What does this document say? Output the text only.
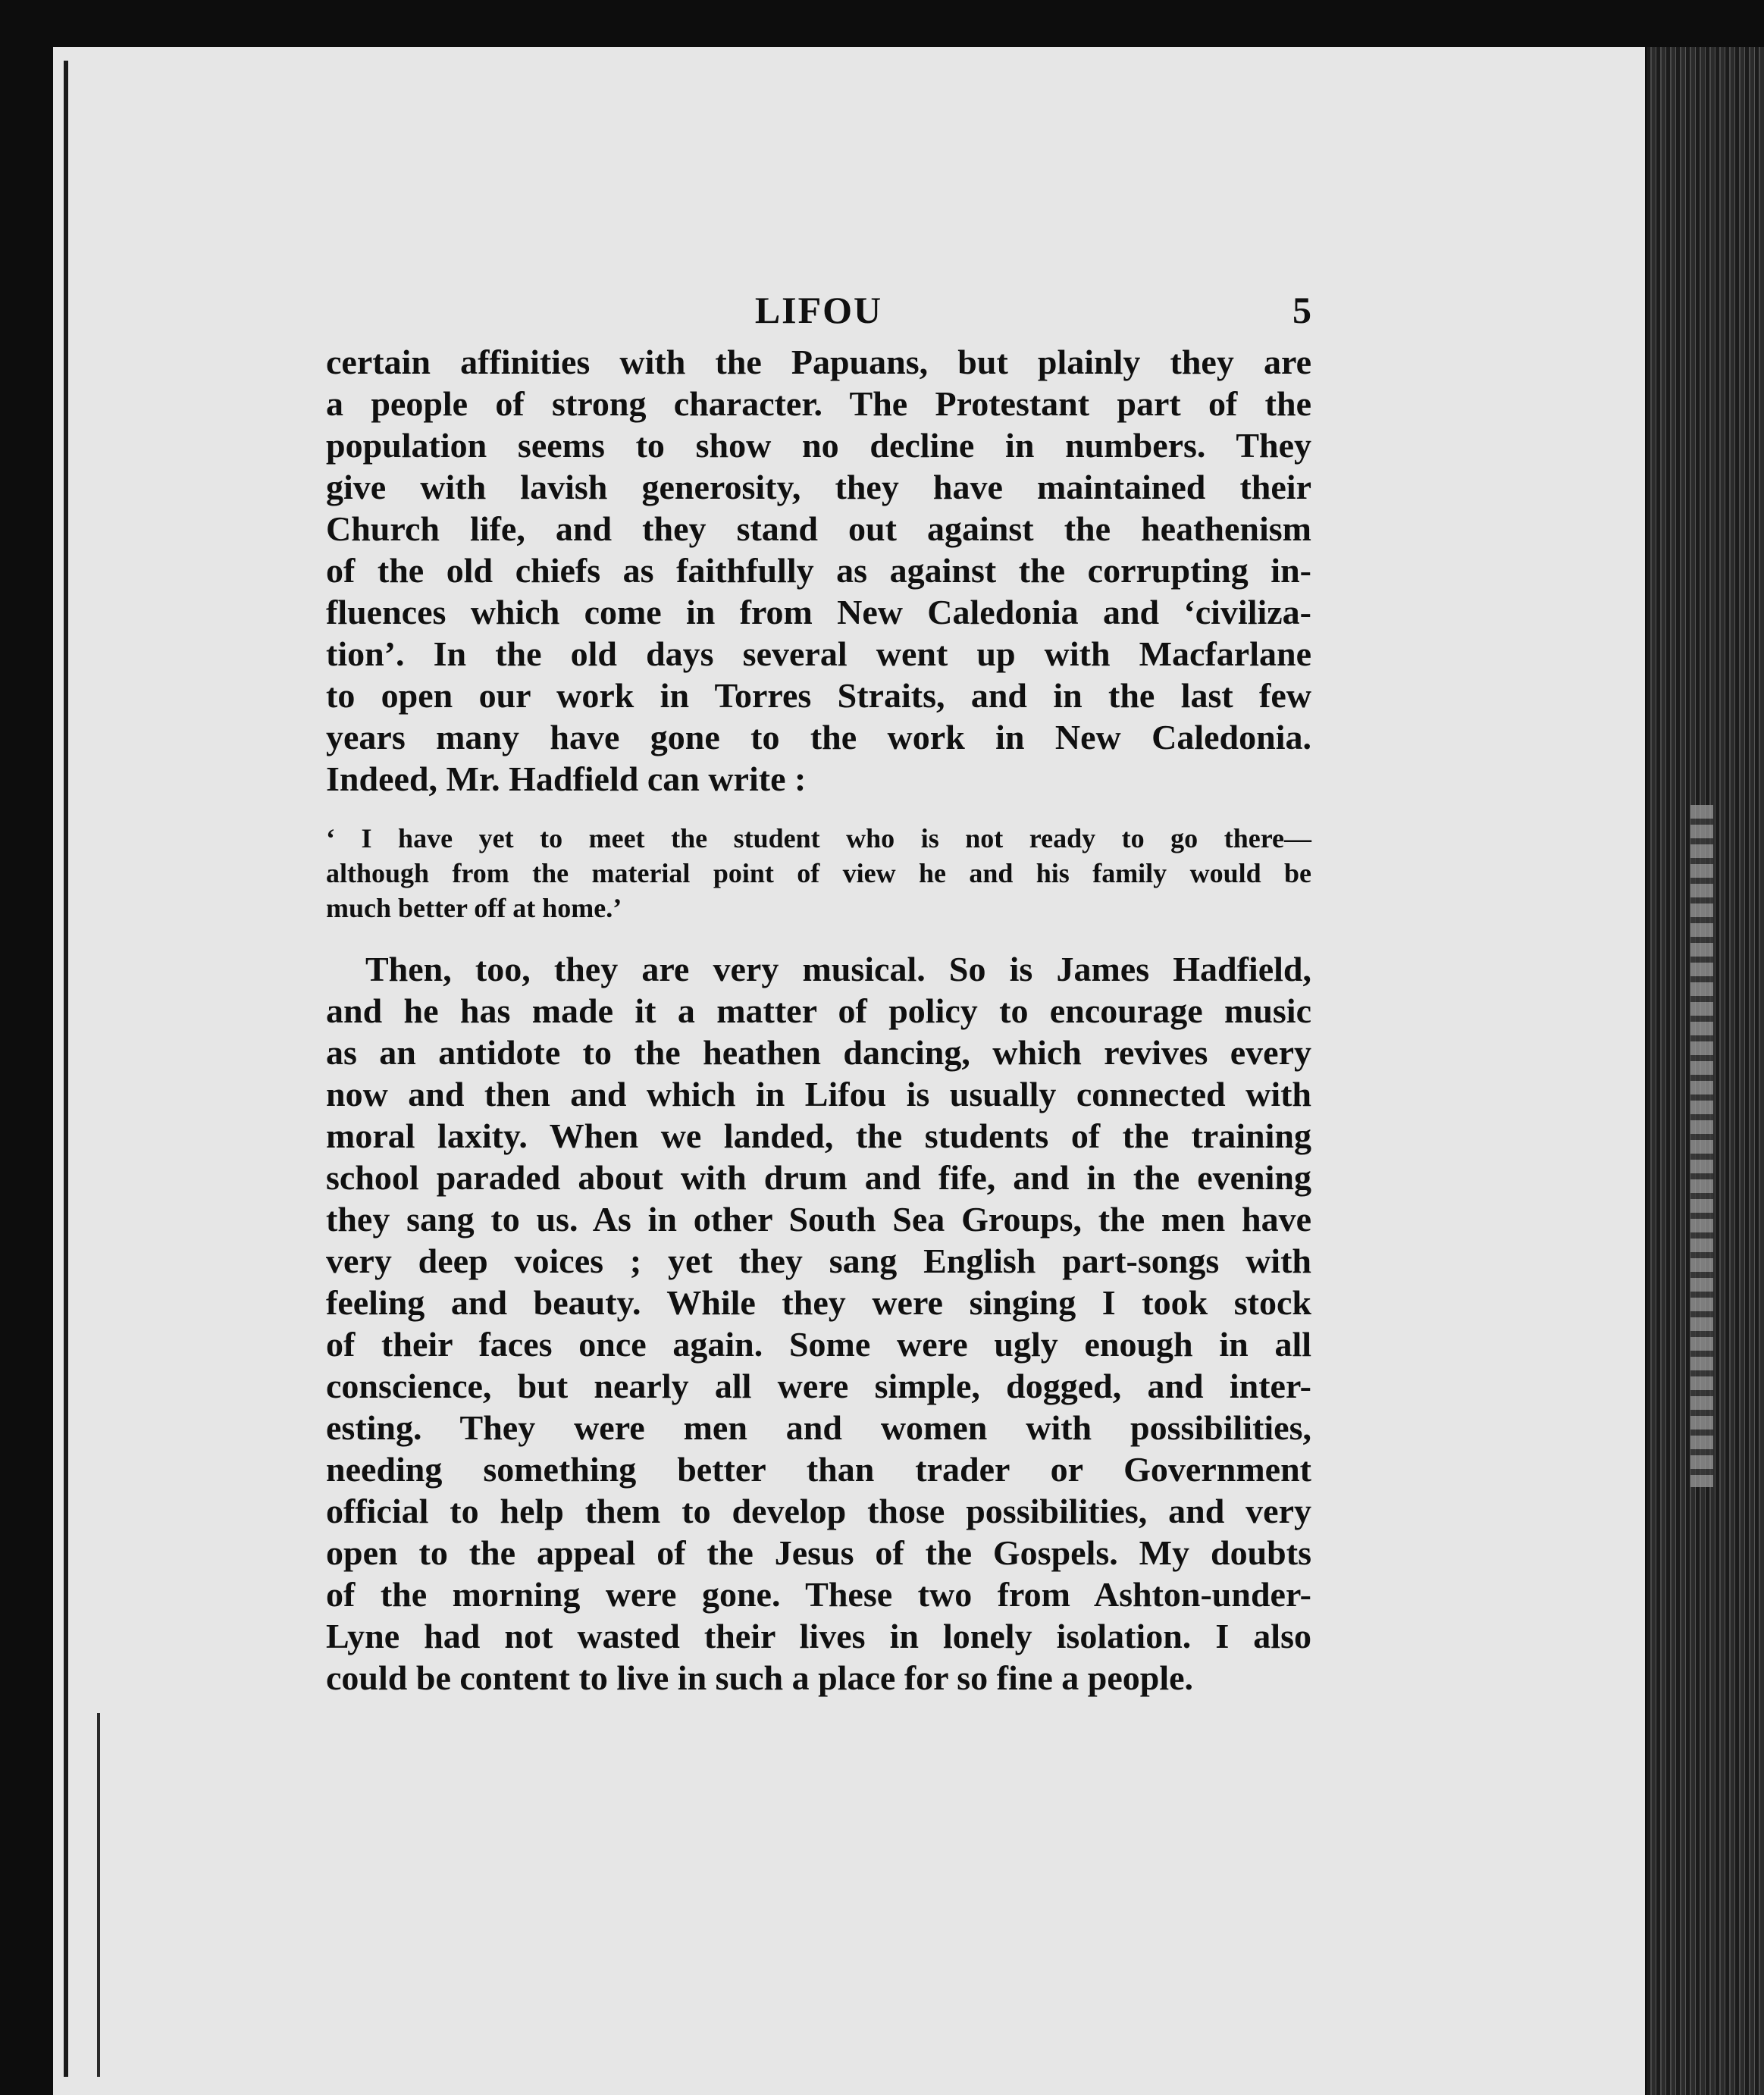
LIFOU	5

certain affinities with the Papuans, but plainly they are
a people of strong character. The Protestant part of the
population seems to show no decline in numbers. They
give with lavish generosity, they have maintained their
Church life, and they stand out against the heathenism
of the old chiefs as faithfully as against the corrupting in-
fluences which come in from New Caledonia and ‘civiliza-
tion’. In the old days several went up with Macfarlane
to open our work in Torres Straits, and in the last few
years many have gone to the work in New Caledonia.
Indeed, Mr. Hadfield can write :

‘ I have yet to meet the student who is not ready to go there—
although from the material point of view he and his family would be
much better off at home.’

Then, too, they are very musical. So is James Hadfield,
and he has made it a matter of policy to encourage music
as an antidote to the heathen dancing, which revives every
now and then and which in Lifou is usually connected with
moral laxity. When we landed, the students of the training
school paraded about with drum and fife, and in the evening
they sang to us. As in other South Sea Groups, the men have
very deep voices ; yet they sang English part-songs with
feeling and beauty. While they were singing I took stock
of their faces once again. Some were ugly enough in all
conscience, but nearly all were simple, dogged, and inter-
esting. They were men and women with possibilities,
needing something better than trader or Government
official to help them to develop those possibilities, and very
open to the appeal of the Jesus of the Gospels. My doubts
of the morning were gone. These two from Ashton-under-
Lyne had not wasted their lives in lonely isolation. I also
could be content to live in such a place for so fine a people.
